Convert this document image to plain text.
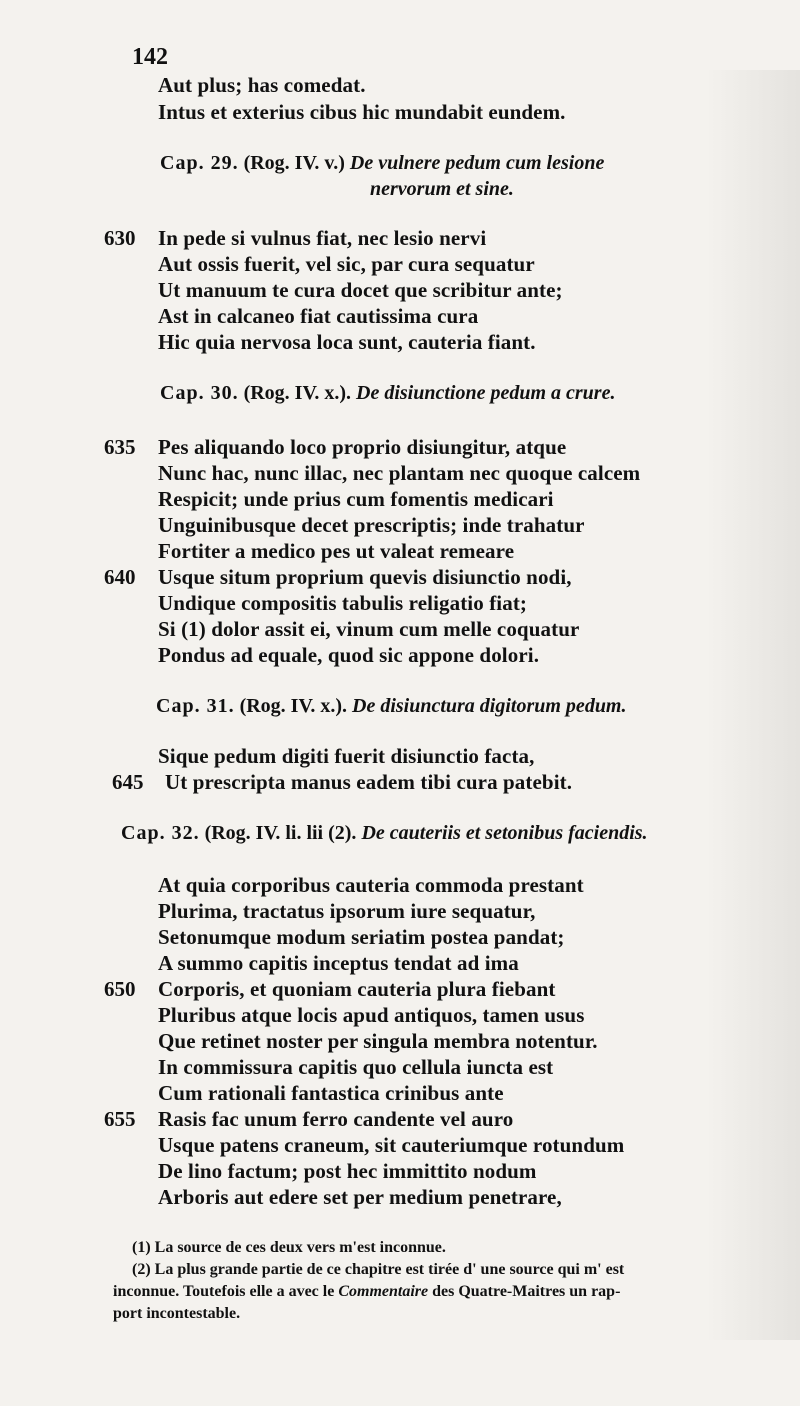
142
Aut plus; has comedat.
Intus et exterius cibus hic mundabit eundem.
Cap. 29. (Rog. IV. v.) De vulnere pedum cum lesione
nervorum et sine.
630 In pede si vulnus fiat, nec lesio nervi
Aut ossis fuerit, vel sic, par cura sequatur
Ut manuum te cura docet que scribitur ante;
Ast in calcaneo fiat cautissima cura
Hic quia nervosa loca sunt, cauteria fiant.
Cap. 30. (Rog. IV. x.). De disiunctione pedum a crure.
635 Pes aliquando loco proprio disiungitur, atque
Nunc hac, nunc illac, nec plantam nec quoque calcem
Respicit; unde prius cum fomentis medicari
Unguinibusque decet prescriptis; inde trahatur
Fortiter a medico pes ut valeat remeare
640 Usque situm proprium quevis disiunctio nodi,
Undique compositis tabulis religatio fiat;
Si (1) dolor assit ei, vinum cum melle coquatur
Pondus ad equale, quod sic appone dolori.
Cap. 31. (Rog. IV. x.). De disiunctura digitorum pedum.
Sique pedum digiti fuerit disiunctio facta,
645 Ut prescripta manus eadem tibi cura patebit.
Cap. 32. (Rog. IV. li. lii (2). De cauteriis et setonibus faciendis.
At quia corporibus cauteria commoda prestant
Plurima, tractatus ipsorum iure sequatur,
Setonumque modum seriatim postea pandat;
A summo capitis inceptus tendat ad ima
650 Corporis, et quoniam cauteria plura fiebant
Pluribus atque locis apud antiquos, tamen usus
Que retinet noster per singula membra notentur.
In commissura capitis quo cellula iuncta est
Cum rationali fantastica crinibus ante
655 Rasis fac unum ferro candente vel auro
Usque patens craneum, sit cauteriumque rotundum
De lino factum; post hec immittito nodum
Arboris aut edere set per medium penetrare,
(1) La source de ces deux vers m'est inconnue.
(2) La plus grande partie de ce chapitre est tirée d' une source qui m' est
inconnue. Toutefois elle a avec le Commentaire des Quatre-Maitres un rap-
port incontestable.
